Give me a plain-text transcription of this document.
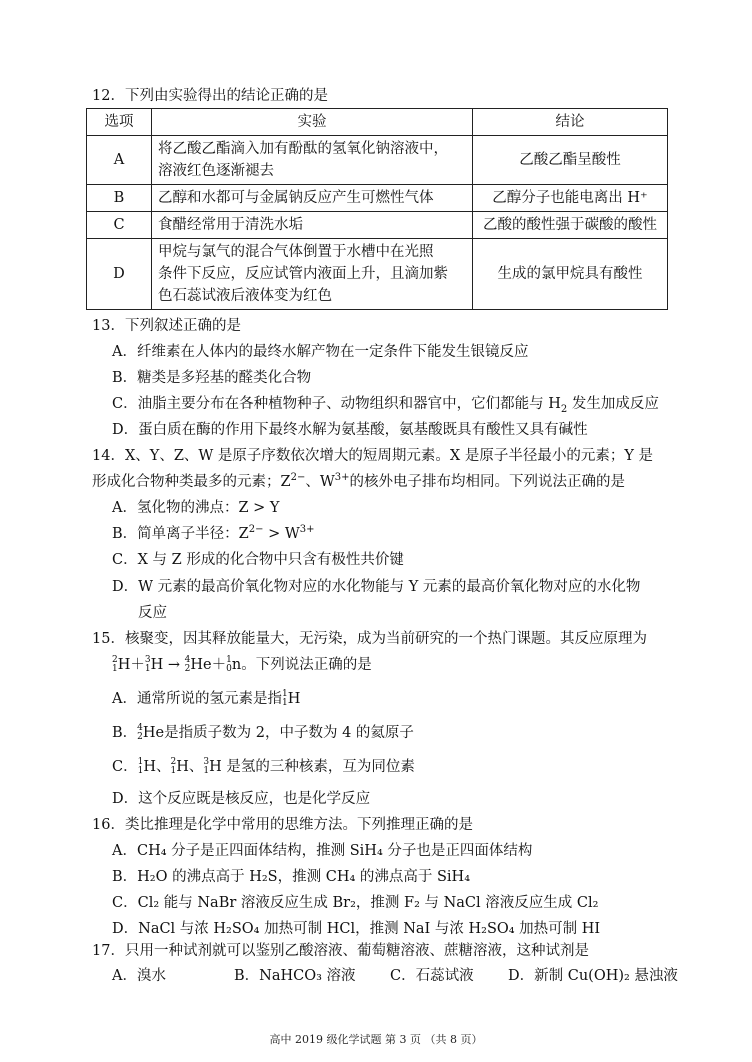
12．下列由实验得出的结论正确的是
选项	实验	结论
A	将乙酸乙酯滴入加有酚酞的氢氧化钠溶液中，
溶液红色逐渐褪去	乙酸乙酯呈酸性
B	乙醇和水都可与金属钠反应产生可燃性气体	乙醇分子也能电离出 H⁺
C	食醋经常用于清洗水垢	乙酸的酸性强于碳酸的酸性
D	甲烷与氯气的混合气体倒置于水槽中在光照
条件下反应，反应试管内液面上升，且滴加紫
色石蕊试液后液体变为红色	生成的氯甲烷具有酸性
13．下列叙述正确的是
A．纤维素在人体内的最终水解产物在一定条件下能发生银镜反应
B．糖类是多羟基的醛类化合物
C．油脂主要分布在各种植物种子、动物组织和器官中，它们都能与 $H_2$ 发生加成反应
D．蛋白质在酶的作用下最终水解为氨基酸，氨基酸既具有酸性又具有碱性
14．X、Y、Z、W 是原子序数依次增大的短周期元素。X 是原子半径最小的元素；Y 是
形成化合物种类最多的元素；$Z^{2-}$、$W^{3+}$的核外电子排布均相同。下列说法正确的是
A．氢化物的沸点：Z > Y
B．简单离子半径：$Z^{2-} > W^{3+}$
C．X 与 Z 形成的化合物中只含有极性共价键
D．W 元素的最高价氧化物对应的水化物能与 Y 元素的最高价氧化物对应的水化物
反应
15．核聚变，因其释放能量大，无污染，成为当前研究的一个热门课题。其反应原理为
2
1 H＋ 3
1 H → 4
2 He＋ 1
0 n。下列说法正确的是
A．通常所说的氢元素是指 1
1 H
B． 4
2 He是指质子数为 2，中子数为 4 的氦原子
C． 1
1 H、 2
1 H、 3
1 H 是氢的三种核素，互为同位素
D．这个反应既是核反应，也是化学反应
16．类比推理是化学中常用的思维方法。下列推理正确的是
A．CH₄ 分子是正四面体结构，推测 SiH₄ 分子也是正四面体结构
B．H₂O 的沸点高于 H₂S，推测 CH₄ 的沸点高于 SiH₄
C．Cl₂ 能与 NaBr 溶液反应生成 Br₂，推测 F₂ 与 NaCl 溶液反应生成 Cl₂
D．NaCl 与浓 H₂SO₄ 加热可制 HCl，推测 NaI 与浓 H₂SO₄ 加热可制 HI
17．只用一种试剂就可以鉴别乙酸溶液、葡萄糖溶液、蔗糖溶液，这种试剂是
A．溴水	B．NaHCO₃ 溶液 C．石蕊试液 D．新制 Cu(OH)₂ 悬浊液
高中 2019 级化学试题 第 3 页 （共 8 页）
